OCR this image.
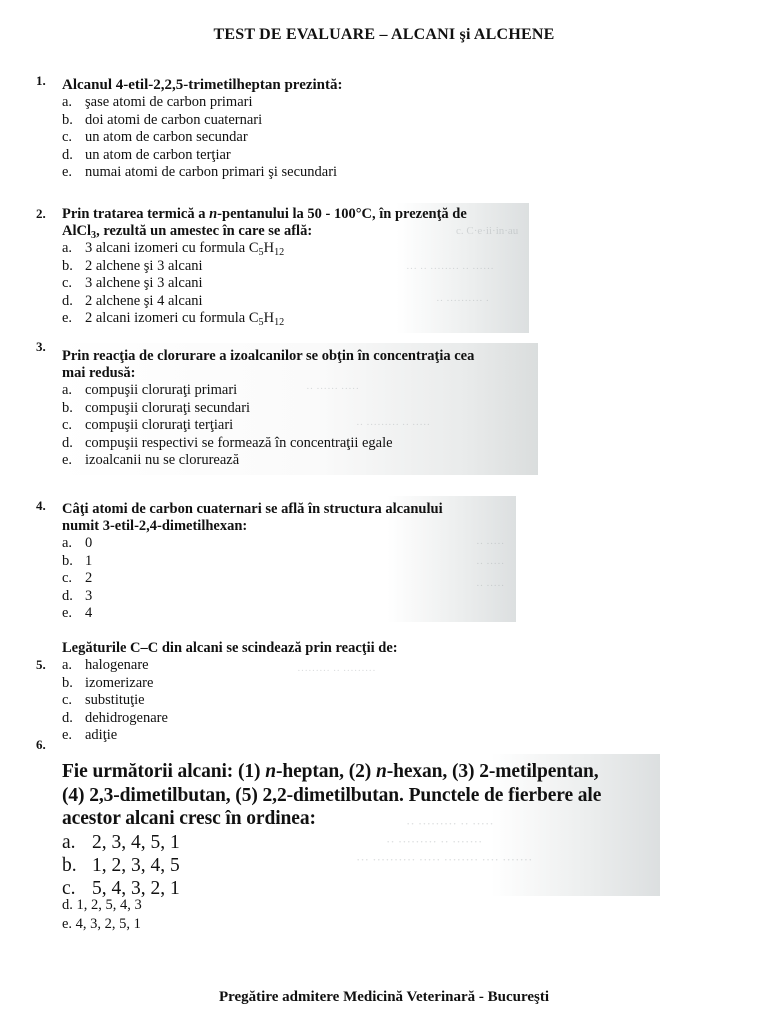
TEST DE EVALUARE – ALCANI şi ALCHENE
1. Alcanul 4-etil-2,2,5-trimetilheptan prezintă:
a. şase atomi de carbon primari
b. doi atomi de carbon cuaternari
c. un atom de carbon secundar
d. un atom de carbon terţiar
e. numai atomi de carbon primari şi secundari
2.
c. C·e·ii·in·au
··· ·· ········ ·· ······
·· ·········· ·
Prin tratarea termică a n-pentanului la 50 - 100°C, în prezenţă de
AlCl$_3$, rezultă un amestec în care se află:
a. 3 alcani izomeri cu formula $C_5H_{12}$
b. 2 alchene şi 3 alcani
c. 3 alchene şi 3 alcani
d. 2 alchene şi 4 alcani
e. 2 alcani izomeri cu formula $C_5H_{12}$
3.
·· ······ ·····
·· ········· ·· ·····
Prin reacţia de clorurare a izoalcanilor se obţin în concentraţia cea
mai redusă:
a. compuşii cloruraţi primari
b. compuşii cloruraţi secundari
c. compuşii cloruraţi terţiari
d. compuşii respectivi se formează în concentraţii egale
e. izoalcanii nu se clorurează
4.
·· ·····
·· ·····
·· ·····
Câţi atomi de carbon cuaternari se află în structura alcanului
numit 3-etil-2,4-dimetilhexan:
a. 0
b. 1
c. 2
d. 3
e. 4
5.	········· ·· ·········
Legăturile C–C din alcani se scindează prin reacţii de:
a. halogenare
b. izomerizare
c. substituţie
d. dehidrogenare
e. adiţie
6.
·· ········· ·· ·····
·· ········· ·· ·······
··· ·········· ····· ········ ···· ·······
Fie următorii alcani: (1) n-heptan, (2) n-hexan, (3) 2-metilpentan,
(4) 2,3-dimetilbutan, (5) 2,2-dimetilbutan. Punctele de fierbere ale
acestor alcani cresc în ordinea:
a. 2, 3, 4, 5, 1
b. 1, 2, 3, 4, 5
c. 5, 4, 3, 2, 1
d. 1, 2, 5, 4, 3
e. 4, 3, 2, 5, 1
Pregătire admitere Medicină Veterinară - Bucureşti
